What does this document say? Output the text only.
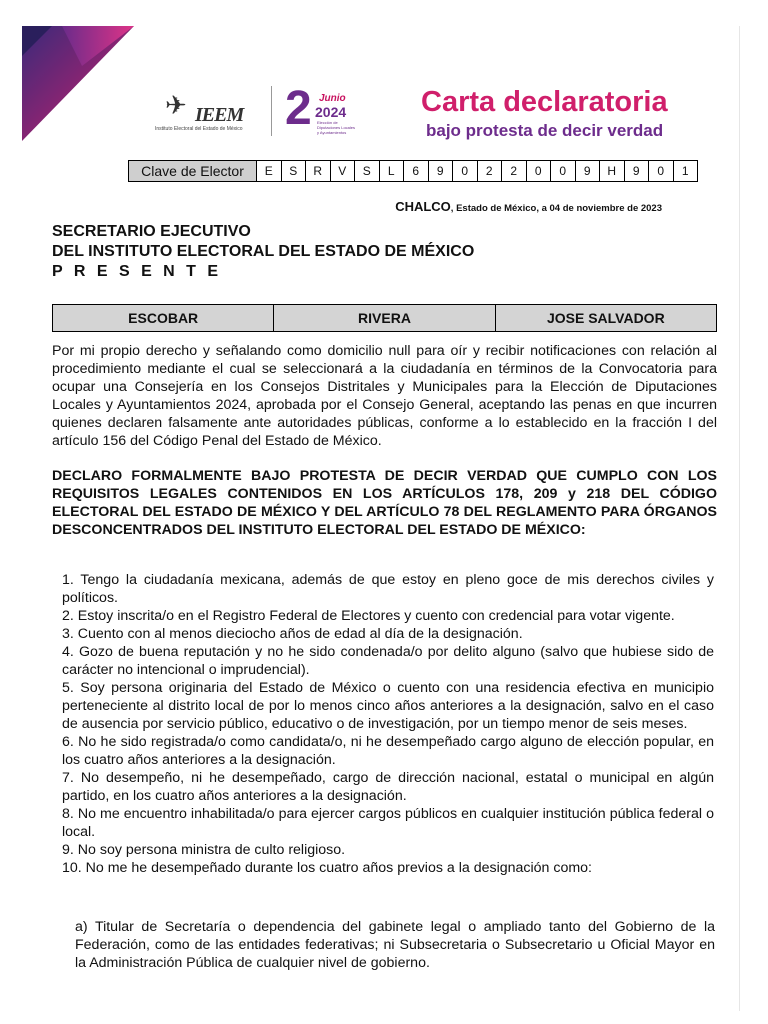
✈ IEEM
Instituto Electoral del Estado de México 2 Junio
2024
Elección de Diputaciones Locales y Ayuntamientos
Carta declaratoria
bajo protesta de decir verdad
Clave de Elector	E	S	R	V	S	L	6	9	0	2	2	0	0	9	H	9	0	1
CHALCO, Estado de México, a 04 de noviembre de 2023
SECRETARIO EJECUTIVO
DEL INSTITUTO ELECTORAL DEL ESTADO DE MÉXICO
P R E S E N T E
ESCOBAR	RIVERA	JOSE SALVADOR
Por mi propio derecho y señalando como domicilio null para oír y recibir notificaciones con relación al procedimiento mediante el cual se seleccionará a la ciudadanía en términos de la Convocatoria para ocupar una Consejería en los Consejos Distritales y Municipales para la Elección de Diputaciones Locales y Ayuntamientos 2024, aprobada por el Consejo General, aceptando las penas en que incurren quienes declaren falsamente ante autoridades públicas, conforme a lo establecido en la fracción I del artículo 156 del Código Penal del Estado de México.
DECLARO FORMALMENTE BAJO PROTESTA DE DECIR VERDAD QUE CUMPLO CON LOS REQUISITOS LEGALES CONTENIDOS EN LOS ARTÍCULOS 178, 209 y 218 DEL CÓDIGO ELECTORAL DEL ESTADO DE MÉXICO Y DEL ARTÍCULO 78 DEL REGLAMENTO PARA ÓRGANOS DESCONCENTRADOS DEL INSTITUTO ELECTORAL DEL ESTADO DE MÉXICO:
1. Tengo la ciudadanía mexicana, además de que estoy en pleno goce de mis derechos civiles y políticos.
2. Estoy inscrita/o en el Registro Federal de Electores y cuento con credencial para votar vigente.
3. Cuento con al menos dieciocho años de edad al día de la designación.
4. Gozo de buena reputación y no he sido condenada/o por delito alguno (salvo que hubiese sido de carácter no intencional o imprudencial).
5. Soy persona originaria del Estado de México o cuento con una residencia efectiva en municipio perteneciente al distrito local de por lo menos cinco años anteriores a la designación, salvo en el caso de ausencia por servicio público, educativo o de investigación, por un tiempo menor de seis meses.
6. No he sido registrada/o como candidata/o, ni he desempeñado cargo alguno de elección popular, en los cuatro años anteriores a la designación.
7. No desempeño, ni he desempeñado, cargo de dirección nacional, estatal o municipal en algún partido, en los cuatro años anteriores a la designación.
8. No me encuentro inhabilitada/o para ejercer cargos públicos en cualquier institución pública federal o local.
9. No soy persona ministra de culto religioso.
10. No me he desempeñado durante los cuatro años previos a la designación como:
a) Titular de Secretaría o dependencia del gabinete legal o ampliado tanto del Gobierno de la Federación, como de las entidades federativas; ni Subsecretaria o Subsecretario u Oficial Mayor en la Administración Pública de cualquier nivel de gobierno.
